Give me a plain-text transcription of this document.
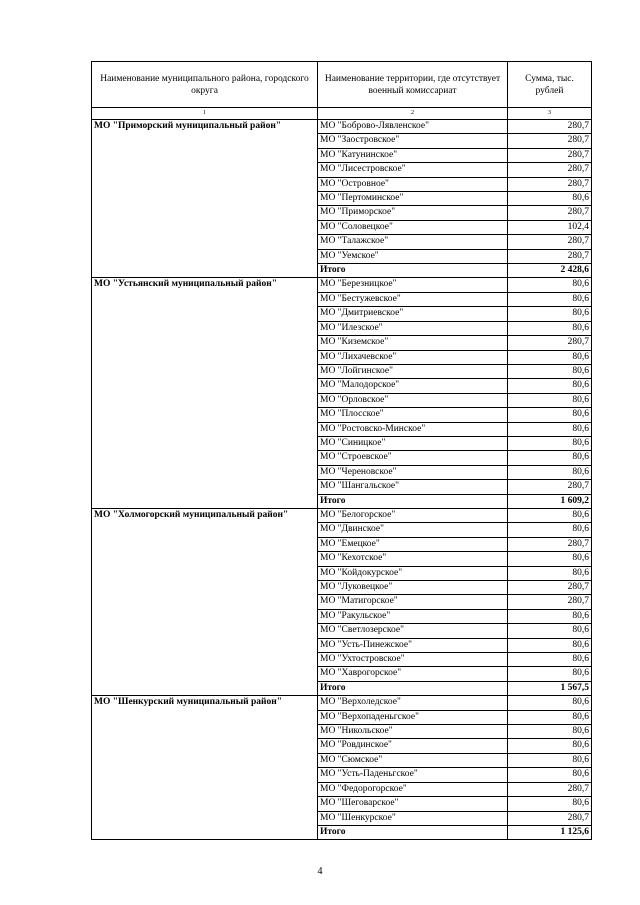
Наименование муниципального района, городского округа	Наименование территории, где отсутствует военный комиссариат	Сумма, тыс. рублей
1	2	3
МО "Приморский муниципальный район"	МО "Боброво-Лявленское"	280,7
	МО "Заостровское"	280,7
	МО "Катунинское"	280,7
	МО "Лисестровское"	280,7
	МО "Островное"	280,7
	МО "Пертоминское"	80,6
	МО "Приморское"	280,7
	МО "Соловецкое"	102,4
	МО "Талажское"	280,7
	МО "Уемское"	280,7
	Итого	2 428,6
МО "Устьянский муниципальный район"	МО "Березницкое"	80,6
	МО "Бестужевское"	80,6
	МО "Дмитриевское"	80,6
	МО "Илезское"	80,6
	МО "Киземское"	280,7
	МО "Лихачевское"	80,6
	МО "Лойгинское"	80,6
	МО "Малодорское"	80,6
	МО "Орловское"	80,6
	МО "Плосское"	80,6
	МО "Ростовско-Минское"	80,6
	МО "Синицкое"	80,6
	МО "Строевское"	80,6
	МО "Череновское"	80,6
	МО "Шангальское"	280,7
	Итого	1 609,2
МО "Холмогорский муниципальный район"	МО "Белогорское"	80,6
	МО "Двинское"	80,6
	МО "Емецкое"	280,7
	МО "Кехотское"	80,6
	МО "Койдокурское"	80,6
	МО "Луковецкое"	280,7
	МО "Матигорское"	280,7
	МО "Ракульское"	80,6
	МО "Светлозерское"	80,6
	МО "Усть-Пинежское"	80,6
	МО "Ухтостровское"	80,6
	МО "Хаврогорское"	80,6
	Итого	1 567,5
МО "Шенкурский муниципальный район"	МО "Верхоледское"	80,6
	МО "Верхопаденьгское"	80,6
	МО "Никольское"	80,6
	МО "Ровдинское"	80,6
	МО "Сюмское"	80,6
	МО "Усть-Паденьгское"	80,6
	МО "Федорогорское"	280,7
	МО "Шеговарское"	80,6
	МО "Шенкурское"	280,7
	Итого	1 125,6
4
